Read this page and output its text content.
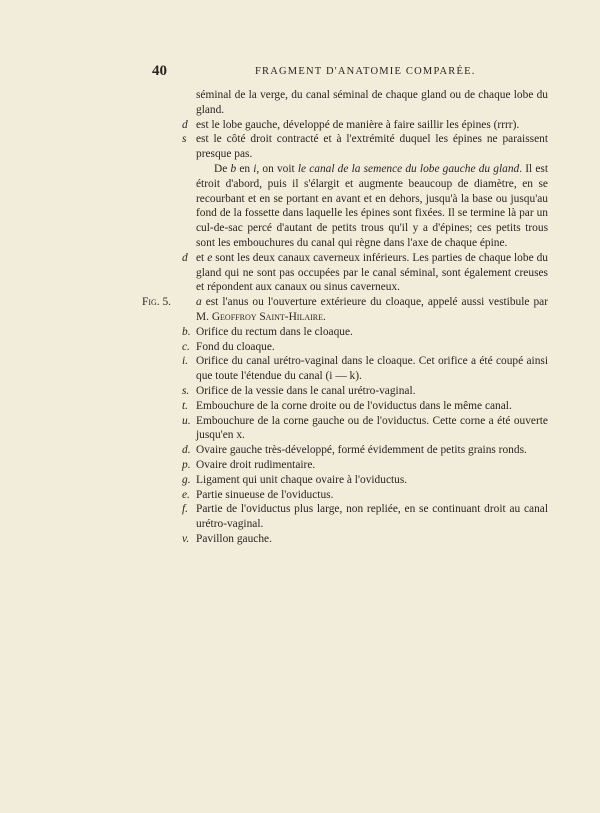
40	FRAGMENT D'ANATOMIE COMPARÉE.
séminal de la verge, du canal séminal de chaque gland ou de chaque lobe du gland.
d est le lobe gauche, développé de manière à faire saillir les épines (rrrr).
s est le côté droit contracté et à l'extrémité duquel les épines ne paraissent presque pas.
De b en i, on voit le canal de la semence du lobe gauche du gland. Il est étroit d'abord, puis il s'élargit et augmente beaucoup de diamètre, en se recourbant et en se portant en avant et en dehors, jusqu'à la base ou jusqu'au fond de la fossette dans laquelle les épines sont fixées. Il se termine là par un cul-de-sac percé d'autant de petits trous qu'il y a d'épines; ces petits trous sont les embouchures du canal qui règne dans l'axe de chaque épine.
d et e sont les deux canaux caverneux inférieurs. Les parties de chaque lobe du gland qui ne sont pas occupées par le canal séminal, sont également creuses et répondent aux canaux ou sinus caverneux.
Fig. 5. a est l'anus ou l'ouverture extérieure du cloaque, appelé aussi vestibule par M. Geoffroy Saint-Hilaire.
b. Orifice du rectum dans le cloaque.
c. Fond du cloaque.
i. Orifice du canal urétro-vaginal dans le cloaque. Cet orifice a été coupé ainsi que toute l'étendue du canal (i — k).
s. Orifice de la vessie dans le canal urétro-vaginal.
t. Embouchure de la corne droite ou de l'oviductus dans le même canal.
u. Embouchure de la corne gauche ou de l'oviductus. Cette corne a été ouverte jusqu'en x.
d. Ovaire gauche très-développé, formé évidemment de petits grains ronds.
p. Ovaire droit rudimentaire.
g. Ligament qui unit chaque ovaire à l'oviductus.
e. Partie sinueuse de l'oviductus.
f. Partie de l'oviductus plus large, non repliée, en se continuant droit au canal urétro-vaginal.
v. Pavillon gauche.
